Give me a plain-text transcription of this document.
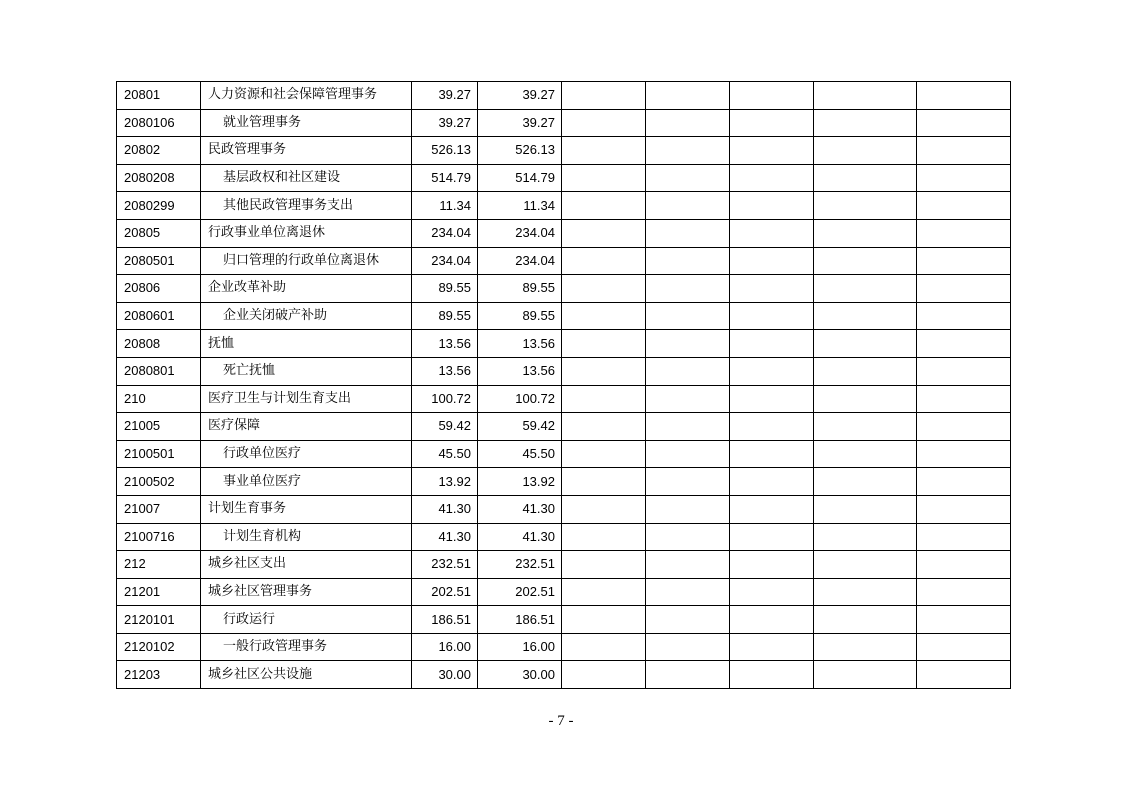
20801	人力资源和社会保障管理事务	39.27	39.27					
2080106	就业管理事务	39.27	39.27					
20802	民政管理事务	526.13	526.13					
2080208	基层政权和社区建设	514.79	514.79					
2080299	其他民政管理事务支出	11.34	11.34					
20805	行政事业单位离退休	234.04	234.04					
2080501	归口管理的行政单位离退休	234.04	234.04					
20806	企业改革补助	89.55	89.55					
2080601	企业关闭破产补助	89.55	89.55					
20808	抚恤	13.56	13.56					
2080801	死亡抚恤	13.56	13.56					
210	医疗卫生与计划生育支出	100.72	100.72					
21005	医疗保障	59.42	59.42					
2100501	行政单位医疗	45.50	45.50					
2100502	事业单位医疗	13.92	13.92					
21007	计划生育事务	41.30	41.30					
2100716	计划生育机构	41.30	41.30					
212	城乡社区支出	232.51	232.51					
21201	城乡社区管理事务	202.51	202.51					
2120101	行政运行	186.51	186.51					
2120102	一般行政管理事务	16.00	16.00					
21203	城乡社区公共设施	30.00	30.00					
- 7 -
